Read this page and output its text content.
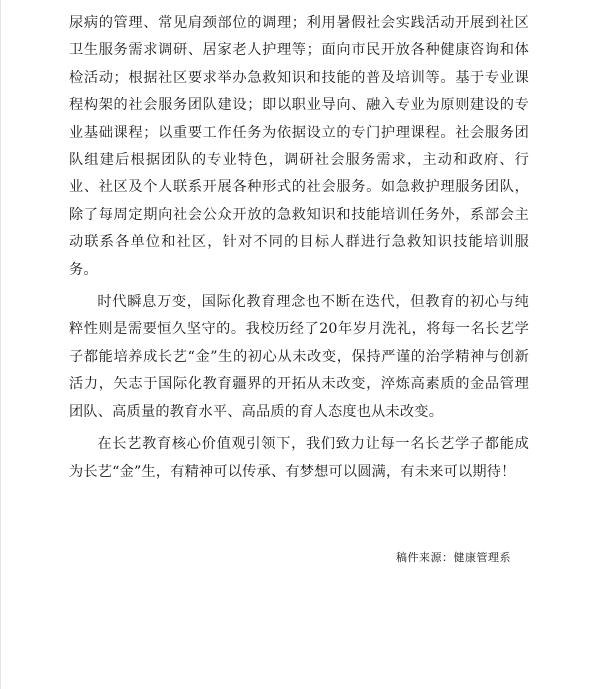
尿病的管理、常见肩颈部位的调理；利用暑假社会实践活动开展到社区卫生服务需求调研、居家老人护理等；面向市民开放各种健康咨询和体检活动；根据社区要求举办急救知识和技能的普及培训等。基于专业课程构架的社会服务团队建设；即以职业导向、融入专业为原则建设的专业基础课程；以重要工作任务为依据设立的专门护理课程。社会服务团队组建后根据团队的专业特色，调研社会服务需求，主动和政府、行业、社区及个人联系开展各种形式的社会服务。如急救护理服务团队，除了每周定期向社会公众开放的急救知识和技能培训任务外，系部会主动联系各单位和社区，针对不同的目标人群进行急救知识技能培训服务。

时代瞬息万变，国际化教育理念也不断在迭代，但教育的初心与纯粹性则是需要恒久坚守的。我校历经了20年岁月洗礼，将每一名长艺学子都能培养成长艺“金”生的初心从未改变，保持严谨的治学精神与创新活力，矢志于国际化教育疆界的开拓从未改变，淬炼高素质的金品管理团队、高质量的教育水平、高品质的育人态度也从未改变。

在长艺教育核心价值观引领下，我们致力让每一名长艺学子都能成为长艺“金”生，有精神可以传承、有梦想可以圆满，有未来可以期待！

稿件来源：健康管理系
